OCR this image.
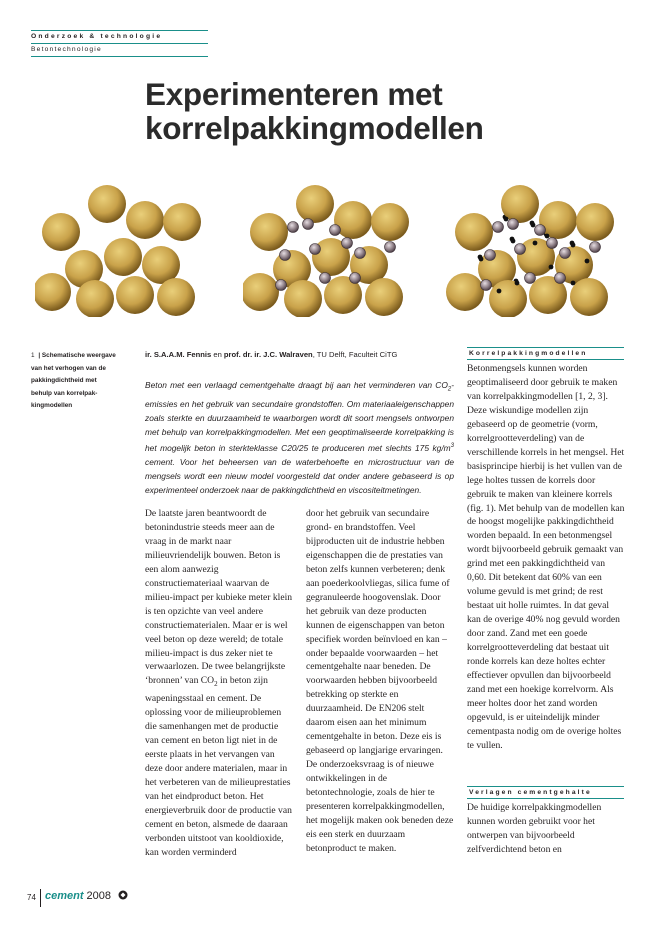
Onderzoek & technologie
Betontechnologie
Experimenteren met
korrelpakkingmodellen
1 | Schematische weergave
van het verhogen van de
pakkingdichtheid met
behulp van korrelpak-
kingmodellen
ir. S.A.A.M. Fennis en prof. dr. ir. J.C. Walraven, TU Delft, Faculteit CiTG
Beton met een verlaagd cementgehalte draagt bij aan het verminderen van $CO_2$-emissies en het gebruik van secundaire grondstoffen. Om materiaaleigenschappen zoals sterkte en duurzaamheid te waarborgen wordt dit soort mengsels ontworpen met behulp van korrelpakkingmodellen. Met een geoptimaliseerde korrelpakking is het mogelijk beton in sterkteklasse C20/25 te produceren met slechts 175 $kg/m^3$ cement. Voor het beheersen van de waterbehoefte en microstructuur van de mengsels wordt een nieuw model voorgesteld dat onder andere gebaseerd is op experimenteel onderzoek naar de pakkingdichtheid en viscositeitmetingen.

De laatste jaren beantwoordt de betonindustrie steeds meer aan de vraag in de markt naar milieuvriendelijk bouwen. Beton is een alom aanwezig constructiemateriaal waarvan de milieu-impact per kubieke meter klein is ten opzichte van veel andere constructiematerialen. Maar er is wel veel beton op deze wereld; de totale milieu-impact is dus zeker niet te verwaarlozen. De twee belangrijkste ‘bronnen’ van $CO_2$ in beton zijn wapeningsstaal en cement. De oplossing voor de milieuproblemen die samenhangen met de productie van cement en beton ligt niet in de eerste plaats in het vervangen van deze door andere materialen, maar in het verbeteren van de milieuprestaties van het eindproduct beton. Het energieverbruik door de productie van cement en beton, alsmede de daaraan verbonden uitstoot van kooldioxide, kan worden verminderd

door het gebruik van secundaire grond- en brandstoffen. Veel bijproducten uit de industrie hebben eigenschappen die de prestaties van beton zelfs kunnen verbeteren; denk aan poederkoolvliegas, silica fume of gegranuleerde hoogovenslak. Door het gebruik van deze producten kunnen de eigenschappen van beton specifiek worden beïnvloed en kan – onder bepaalde voorwaarden – het cementgehalte naar beneden. De voorwaarden hebben bijvoorbeeld betrekking op sterkte en duurzaamheid. De EN206 stelt daarom eisen aan het minimum cementgehalte in beton. Deze eis is gebaseerd op langjarige ervaringen. De onderzoeksvraag is of nieuwe ontwikkelingen in de betontechnologie, zoals de hier te presenteren korrelpakkingmodellen, het mogelijk maken ook beneden deze eis een sterk en duurzaam betonproduct te maken.

Korrelpakkingmodellen

Betonmengsels kunnen worden geoptimaliseerd door gebruik te maken van korrelpakkingmodellen [1, 2, 3]. Deze wiskundige modellen zijn gebaseerd op de geometrie (vorm, korrelgrootteverdeling) van de verschillende korrels in het mengsel. Het basisprincipe hierbij is het vullen van de lege holtes tussen de korrels door gebruik te maken van kleinere korrels (fig. 1). Met behulp van de modellen kan de hoogst mogelijke pakkingdichtheid worden bepaald. In een betonmengsel wordt bijvoorbeeld gebruik gemaakt van grind met een pakkingdichtheid van 0,60. Dit betekent dat 60% van een volume gevuld is met grind; de rest bestaat uit holle ruimtes. In dat geval kan de overige 40% nog gevuld worden door zand. Zand met een goede korrelgrootteverdeling dat bestaat uit ronde korrels kan deze holtes echter effectiever opvullen dan bijvoorbeeld zand met een hoekige korrelvorm. Als meer holtes door het zand worden opgevuld, is er uiteindelijk minder cementpasta nodig om de overige holtes te vullen.

Verlagen cementgehalte

De huidige korrelpakkingmodellen kunnen worden gebruikt voor het ontwerpen van bijvoorbeeld zelfverdichtend beton en

74 cement 2008
